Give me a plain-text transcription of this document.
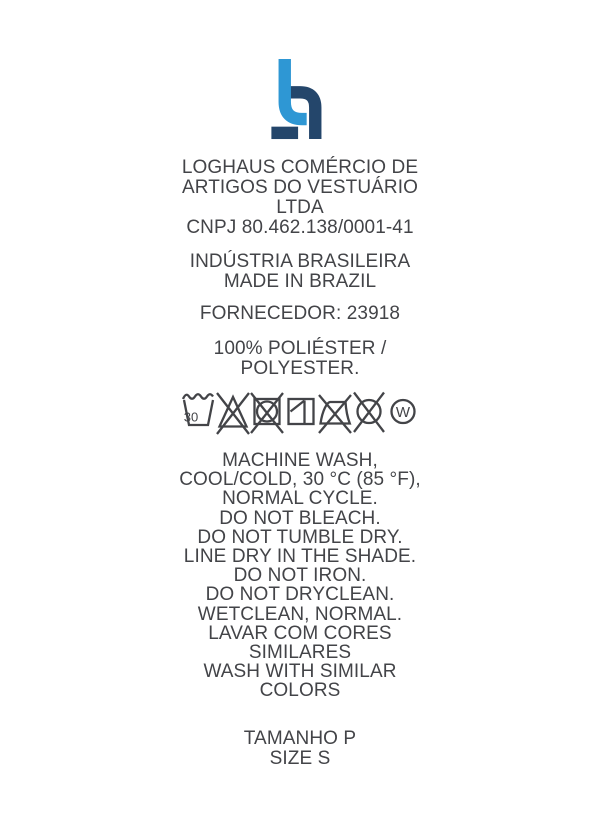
LOGHAUS COMÉRCIO DE
ARTIGOS DO VESTUÁRIO
LTDA
CNPJ 80.462.138/0001-41
INDÚSTRIA BRASILEIRA
MADE IN BRAZIL
FORNECEDOR: 23918
100% POLIÉSTER /
POLYESTER.
30	W
MACHINE WASH,
COOL/COLD, 30 °C (85 °F),
NORMAL CYCLE.
DO NOT BLEACH.
DO NOT TUMBLE DRY.
LINE DRY IN THE SHADE.
DO NOT IRON.
DO NOT DRYCLEAN.
WETCLEAN, NORMAL.
LAVAR COM CORES
SIMILARES
WASH WITH SIMILAR
COLORS
TAMANHO P
SIZE S
